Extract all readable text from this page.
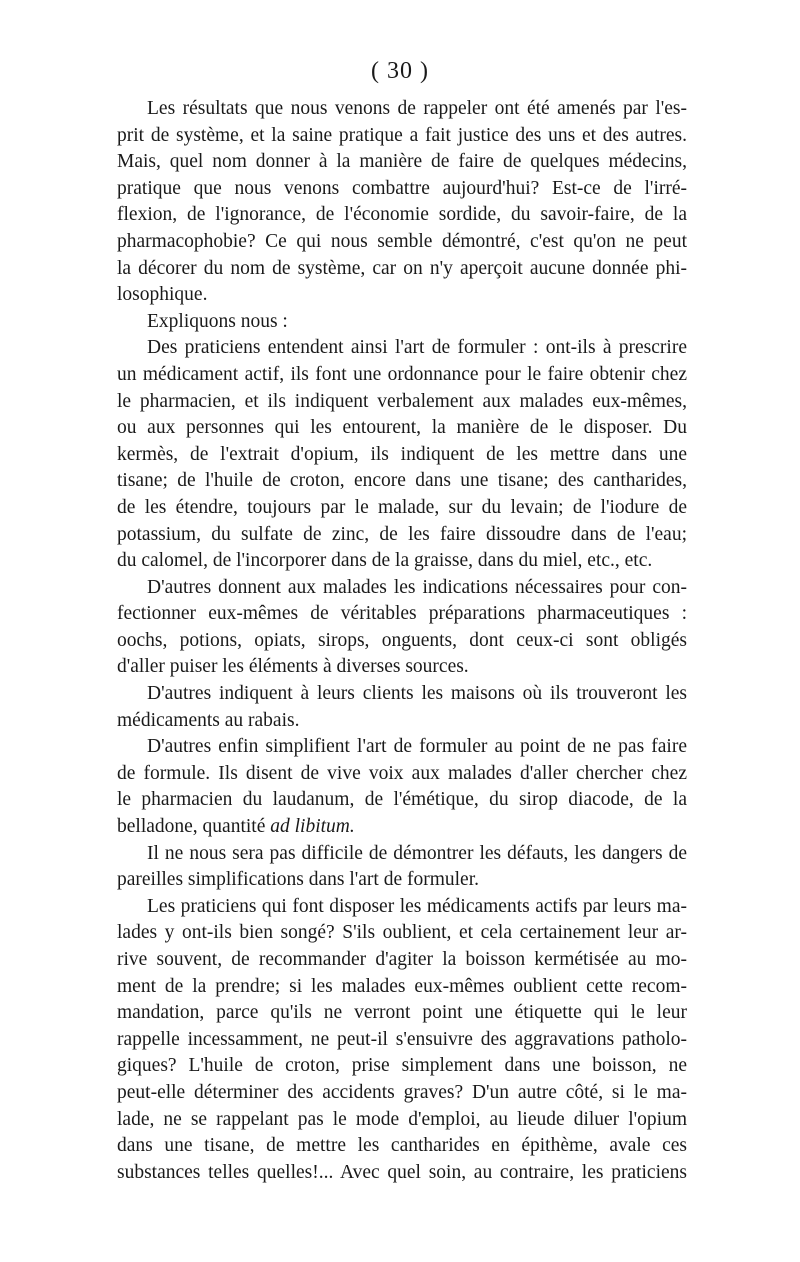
( 30 )
Les résultats que nous venons de rappeler ont été amenés par l'es-
prit de système, et la saine pratique a fait justice des uns et des autres.
Mais, quel nom donner à la manière de faire de quelques médecins,
pratique que nous venons combattre aujourd'hui? Est-ce de l'irré-
flexion, de l'ignorance, de l'économie sordide, du savoir-faire, de la
pharmacophobie? Ce qui nous semble démontré, c'est qu'on ne peut
la décorer du nom de système, car on n'y aperçoit aucune donnée phi-
losophique.
Expliquons nous :
Des praticiens entendent ainsi l'art de formuler : ont-ils à prescrire
un médicament actif, ils font une ordonnance pour le faire obtenir chez
le pharmacien, et ils indiquent verbalement aux malades eux-mêmes,
ou aux personnes qui les entourent, la manière de le disposer. Du
kermès, de l'extrait d'opium, ils indiquent de les mettre dans une
tisane; de l'huile de croton, encore dans une tisane; des cantharides,
de les étendre, toujours par le malade, sur du levain; de l'iodure de
potassium, du sulfate de zinc, de les faire dissoudre dans de l'eau;
du calomel, de l'incorporer dans de la graisse, dans du miel, etc., etc.
D'autres donnent aux malades les indications nécessaires pour con-
fectionner eux-mêmes de véritables préparations pharmaceutiques :
oochs, potions, opiats, sirops, onguents, dont ceux-ci sont obligés
d'aller puiser les éléments à diverses sources.
D'autres indiquent à leurs clients les maisons où ils trouveront les
médicaments au rabais.
D'autres enfin simplifient l'art de formuler au point de ne pas faire
de formule. Ils disent de vive voix aux malades d'aller chercher chez
le pharmacien du laudanum, de l'émétique, du sirop diacode, de la
belladone, quantité ad libitum.
Il ne nous sera pas difficile de démontrer les défauts, les dangers de
pareilles simplifications dans l'art de formuler.
Les praticiens qui font disposer les médicaments actifs par leurs ma-
lades y ont-ils bien songé? S'ils oublient, et cela certainement leur ar-
rive souvent, de recommander d'agiter la boisson kermétisée au mo-
ment de la prendre; si les malades eux-mêmes oublient cette recom-
mandation, parce qu'ils ne verront point une étiquette qui le leur
rappelle incessamment, ne peut-il s'ensuivre des aggravations patholo-
giques? L'huile de croton, prise simplement dans une boisson, ne
peut-elle déterminer des accidents graves? D'un autre côté, si le ma-
lade, ne se rappelant pas le mode d'emploi, au lieude diluer l'opium
dans une tisane, de mettre les cantharides en épithème, avale ces
substances telles quelles!... Avec quel soin, au contraire, les praticiens
